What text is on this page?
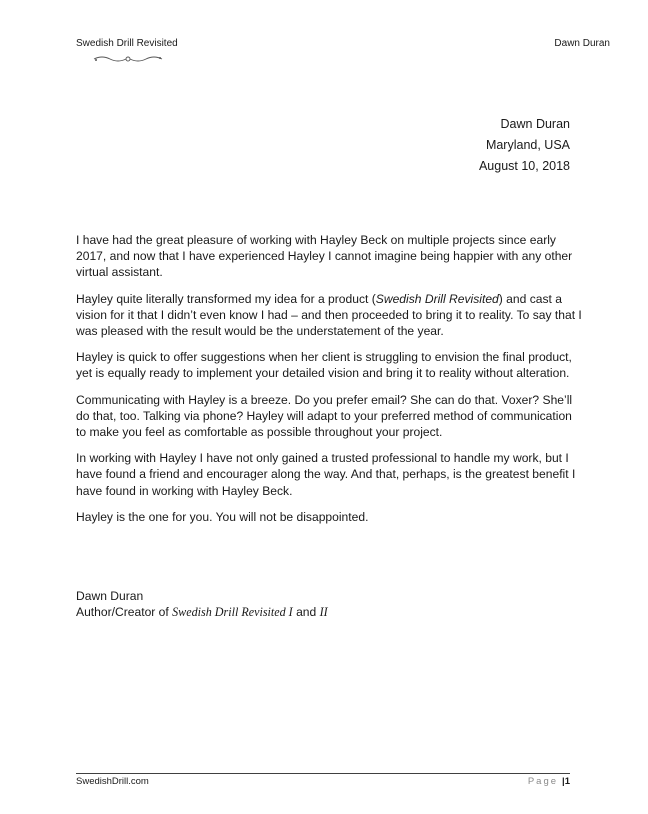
Swedish Drill Revisited	Dawn Duran
Dawn Duran
Maryland, USA
August 10, 2018

I have had the great pleasure of working with Hayley Beck on multiple projects since early 2017, and now that I have experienced Hayley I cannot imagine being happier with any other virtual assistant.

Hayley quite literally transformed my idea for a product (Swedish Drill Revisited) and cast a vision for it that I didn’t even know I had – and then proceeded to bring it to reality. To say that I was pleased with the result would be the understatement of the year.

Hayley is quick to offer suggestions when her client is struggling to envision the final product, yet is equally ready to implement your detailed vision and bring it to reality without alteration.

Communicating with Hayley is a breeze. Do you prefer email? She can do that. Voxer? She’ll do that, too. Talking via phone? Hayley will adapt to your preferred method of communication to make you feel as comfortable as possible throughout your project.

In working with Hayley I have not only gained a trusted professional to handle my work, but I have found a friend and encourager along the way. And that, perhaps, is the greatest benefit I have found in working with Hayley Beck.

Hayley is the one for you. You will not be disappointed.

Dawn Duran
Author/Creator of Swedish Drill Revisited I and II
SwedishDrill.com	Page |1
